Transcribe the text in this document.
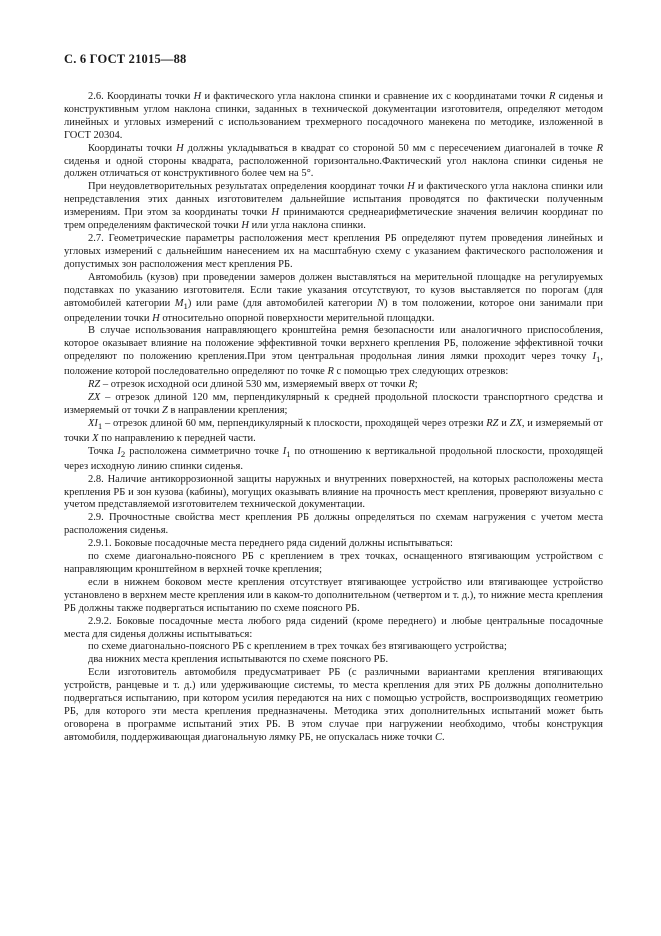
С. 6 ГОСТ 21015—88

2.6. Координаты точки Н и фактического угла наклона спинки и сравнение их с координатами точки R сиденья и конструктивным углом наклона спинки, заданных в технической документации изготовителя, определяют методом линейных и угловых измерений с использованием трехмерного посадочного манекена по методике, изложенной в ГОСТ 20304.

Координаты точки Н должны укладываться в квадрат со стороной 50 мм с пересечением диагоналей в точке R сиденья и одной стороны квадрата, расположенной горизонтально.Фактический угол наклона спинки сиденья не должен отличаться от конструктивного более чем на 5°.

При неудовлетворительных результатах определения координат точки Н и фактического угла наклона спинки или непредставления этих данных изготовителем дальнейшие испытания проводятся по фактически полученным измерениям. При этом за координаты точки Н принимаются среднеарифметические значения величин координат по трем определениям фактической точки Н или угла наклона спинки.

2.7. Геометрические параметры расположения мест крепления РБ определяют путем проведения линейных и угловых измерений с дальнейшим нанесением их на масштабную схему с указанием фактического расположения и допустимых зон расположения мест крепления РБ.

Автомобиль (кузов) при проведении замеров должен выставляться на мерительной площадке на регулируемых подставках по указанию изготовителя. Если такие указания отсутствуют, то кузов выставляется по порогам (для автомобилей категории $M_1$) или раме (для автомобилей категории N) в том положении, которое они занимали при определении точки Н относительно опорной поверхности мерительной площадки.

В случае использования направляющего кронштейна ремня безопасности или аналогичного приспособления, которое оказывает влияние на положение эффективной точки верхнего крепления РБ, положение эффективной точки определяют по положению крепления.При этом центральная продольная линия лямки проходит через точку $I_1$, положение которой последовательно определяют по точке R с помощью трех следующих отрезков:

RZ – отрезок исходной оси длиной 530 мм, измеряемый вверх от точки R;

ZX – отрезок длиной 120 мм, перпендикулярный к средней продольной плоскости транспортного средства и измеряемый от точки Z в направлении крепления;

$XI_1$ – отрезок длиной 60 мм, перпендикулярный к плоскости, проходящей через отрезки RZ и ZX, и измеряемый от точки X по направлению к передней части.

Точка $I_2$ расположена симметрично точке $I_1$ по отношению к вертикальной продольной плоскости, проходящей через исходную линию спинки сиденья.

2.8. Наличие антикоррозионной защиты наружных и внутренних поверхностей, на которых расположены места крепления РБ и зон кузова (кабины), могущих оказывать влияние на прочность мест крепления, проверяют визуально с учетом представляемой изготовителем технической документации.

2.9. Прочностные свойства мест крепления РБ должны определяться по схемам нагружения с учетом места расположения сиденья.

2.9.1. Боковые посадочные места переднего ряда сидений должны испытываться:

по схеме диагонально-поясного РБ с креплением в трех точках, оснащенного втягивающим устройством с направляющим кронштейном в верхней точке крепления;

если в нижнем боковом месте крепления отсутствует втягивающее устройство или втягивающее устройство установлено в верхнем месте крепления или в каком-то дополнительном (четвертом и т. д.), то нижние места крепления РБ должны также подвергаться испытанию по схеме поясного РБ.

2.9.2. Боковые посадочные места любого ряда сидений (кроме переднего) и любые центральные посадочные места для сиденья должны испытываться:

по схеме диагонально-поясного РБ с креплением в трех точках без втягивающего устройства;

два нижних места крепления испытываются по схеме поясного РБ.

Если изготовитель автомобиля предусматривает РБ (с различными вариантами крепления втягивающих устройств, ранцевые и т. д.) или удерживающие системы, то места крепления для этих РБ должны дополнительно подвергаться испытанию, при котором усилия передаются на них с помощью устройств, воспроизводящих геометрию РБ, для которого эти места крепления предназначены. Методика этих дополнительных испытаний может быть оговорена в программе испытаний этих РБ. В этом случае при нагружении необходимо, чтобы конструкция автомобиля, поддерживающая диагональную лямку РБ, не опускалась ниже точки С.
